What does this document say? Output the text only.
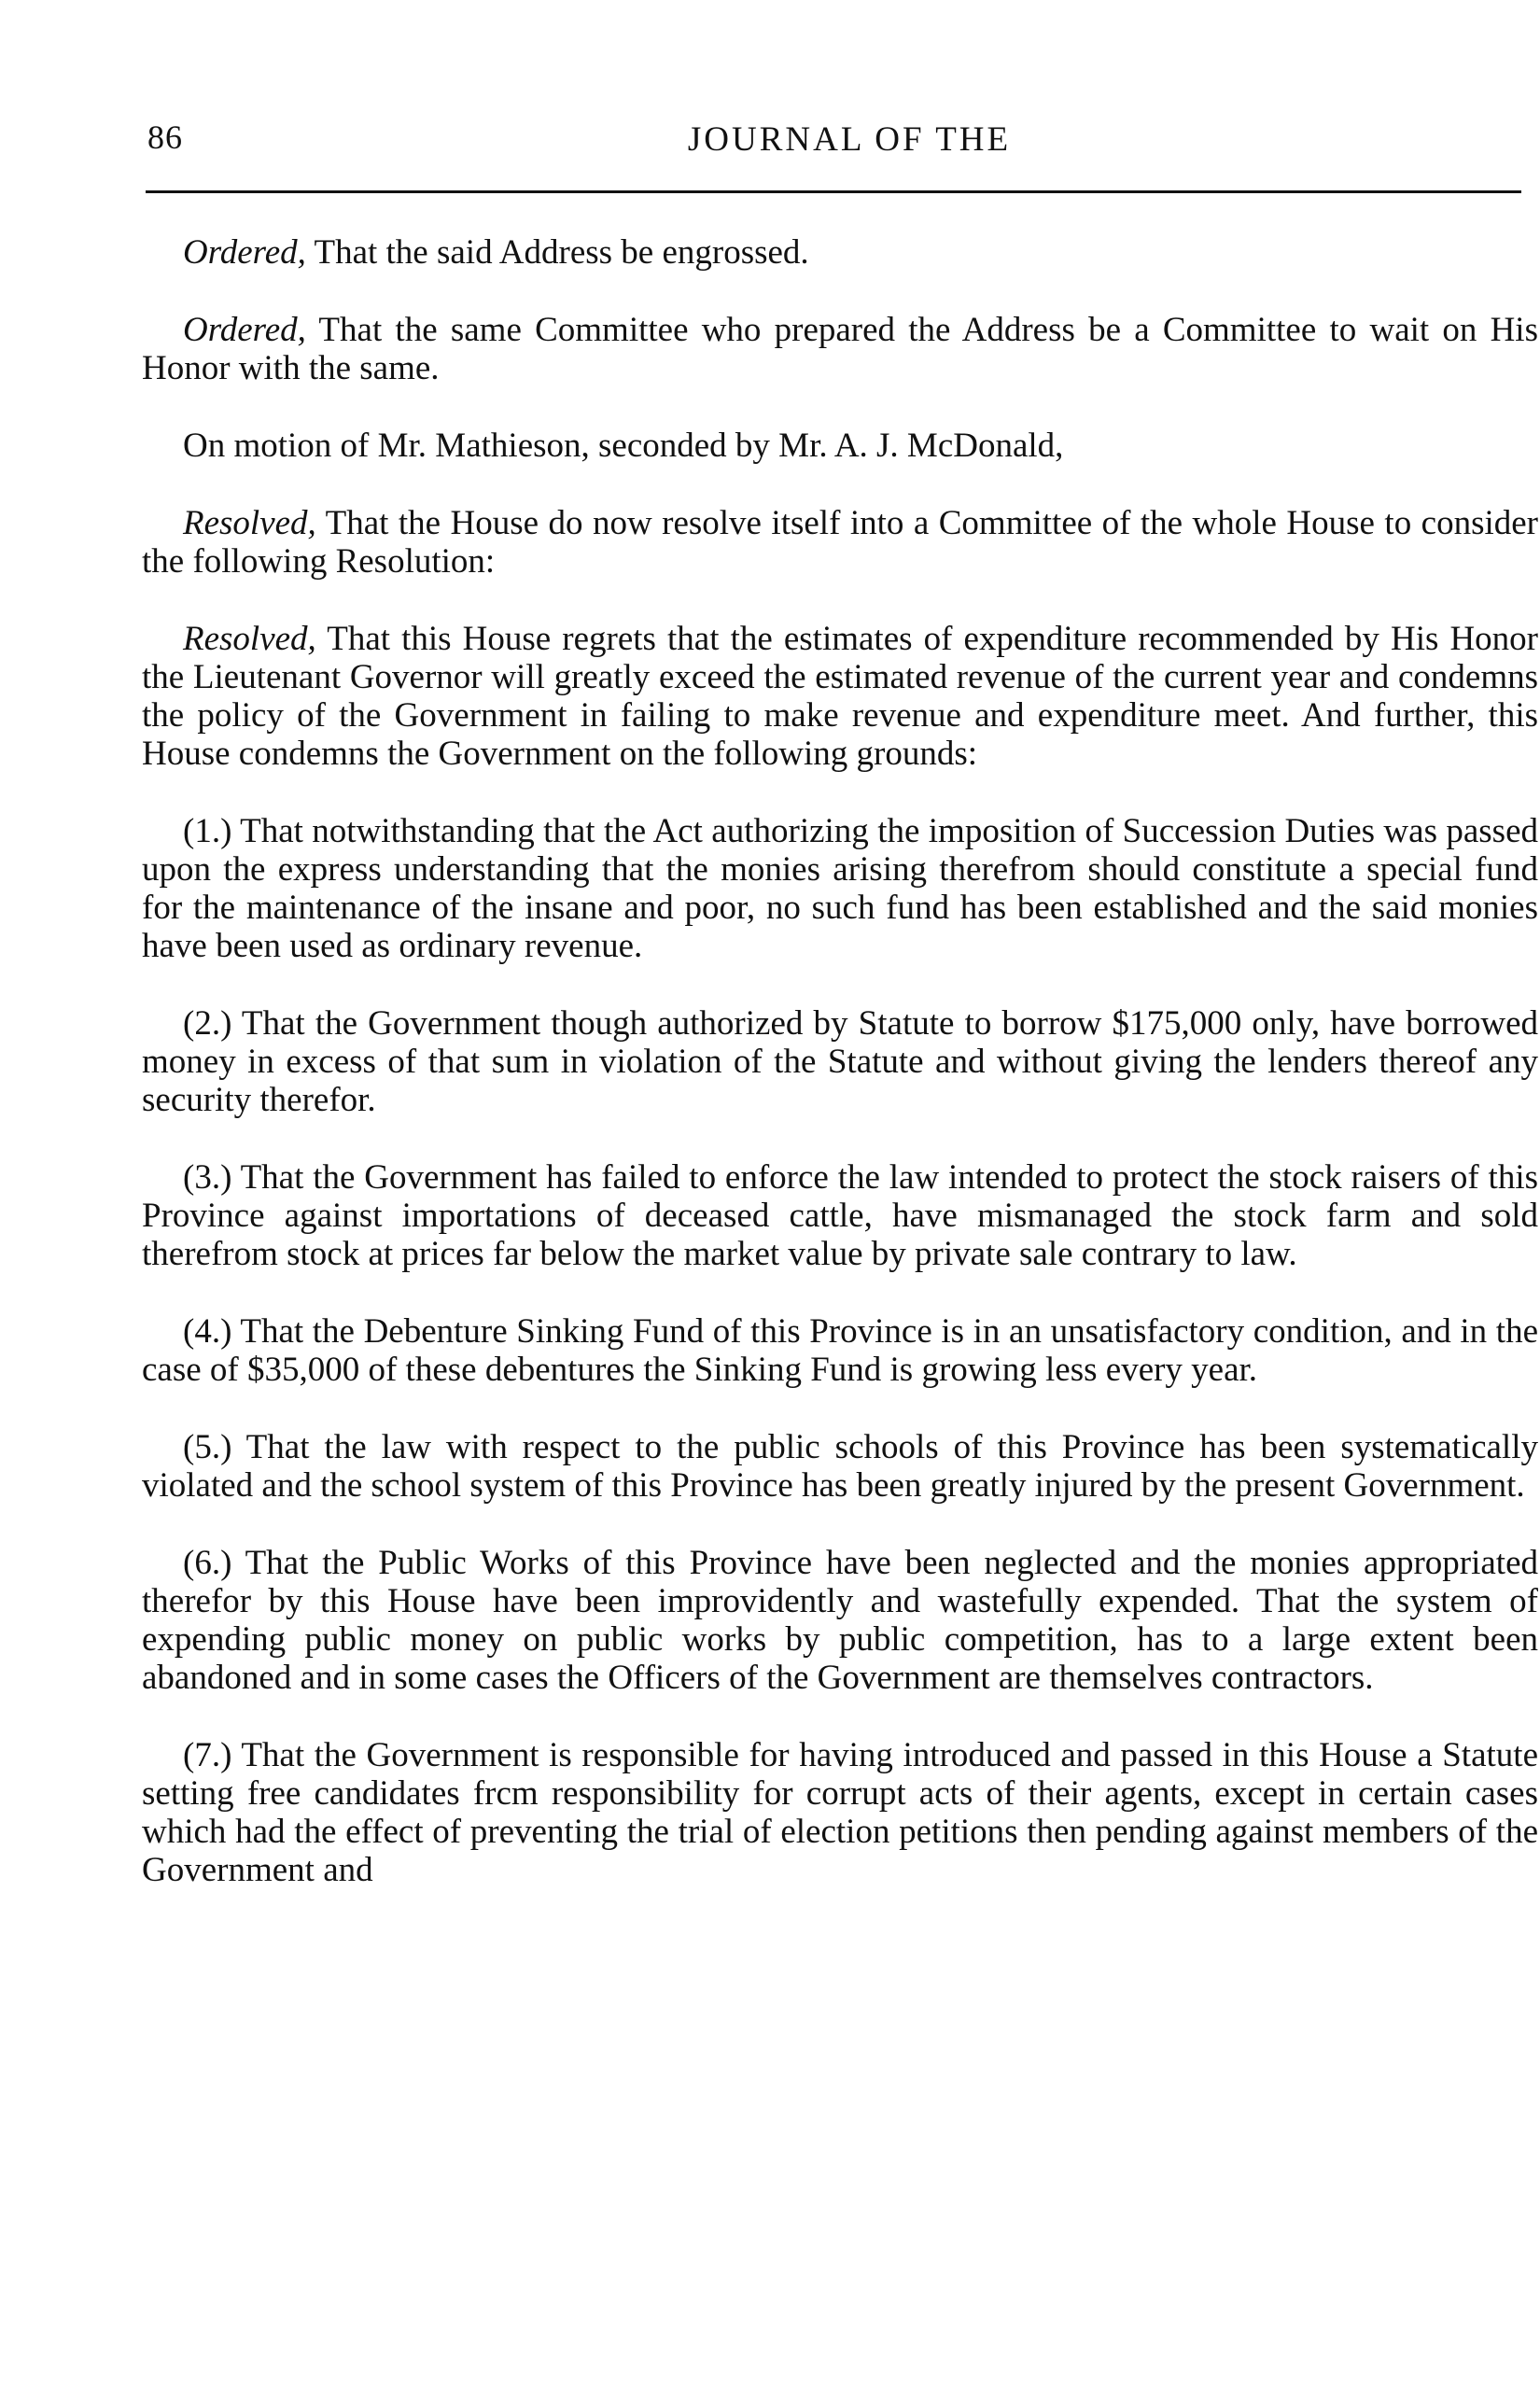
86	JOURNAL OF THE

Ordered, That the said Address be engrossed.

Ordered, That the same Committee who prepared the Address be a Committee to wait on His Honor with the same.

On motion of Mr. Mathieson, seconded by Mr. A. J. McDonald,

Resolved, That the House do now resolve itself into a Committee of the whole House to consider the following Resolution:

Resolved, That this House regrets that the estimates of expenditure recommended by His Honor the Lieutenant Governor will greatly exceed the estimated revenue of the current year and condemns the policy of the Government in failing to make revenue and expenditure meet. And further, this House condemns the Government on the following grounds:

(1.) That notwithstanding that the Act authorizing the imposition of Succession Duties was passed upon the express understanding that the monies arising therefrom should constitute a special fund for the maintenance of the insane and poor, no such fund has been established and the said monies have been used as ordinary revenue.

(2.) That the Government though authorized by Statute to borrow $175,000 only, have borrowed money in excess of that sum in violation of the Statute and without giving the lenders thereof any security therefor.

(3.) That the Government has failed to enforce the law intended to protect the stock raisers of this Province against importations of deceased cattle, have mismanaged the stock farm and sold therefrom stock at prices far below the market value by private sale contrary to law.

(4.) That the Debenture Sinking Fund of this Province is in an unsatisfactory condition, and in the case of $35,000 of these debentures the Sinking Fund is growing less every year.

(5.) That the law with respect to the public schools of this Province has been systematically violated and the school system of this Province has been greatly injured by the present Government.

(6.) That the Public Works of this Province have been neglected and the monies appropriated therefor by this House have been improvidently and wastefully expended. That the system of expending public money on public works by public competition, has to a large extent been abandoned and in some cases the Officers of the Government are themselves contractors.

(7.) That the Government is responsible for having introduced and passed in this House a Statute setting free candidates frcm responsibility for corrupt acts of their agents, except in certain cases which had the effect of preventing the trial of election petitions then pending against members of the Government and
